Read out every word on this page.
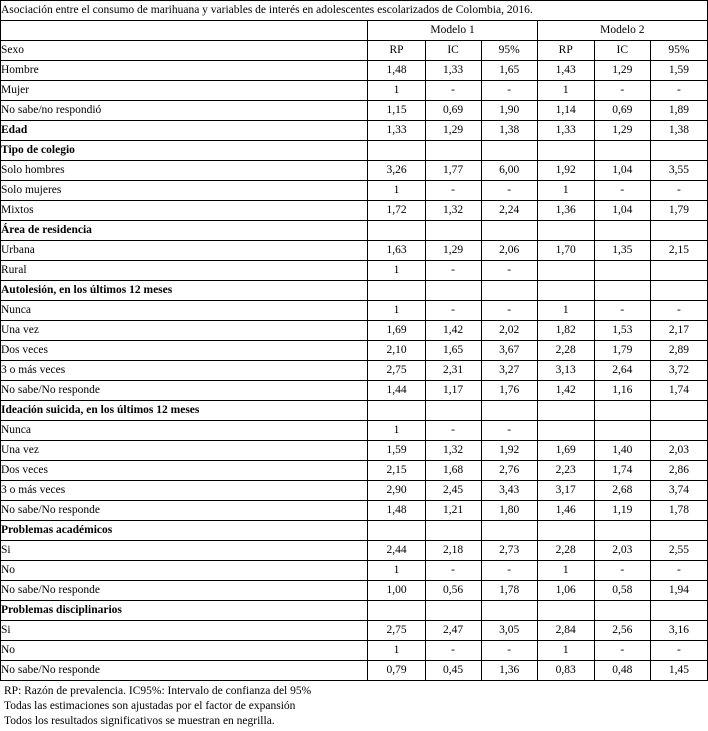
Asociación entre el consumo de marihuana y variables de interés en adolescentes escolarizados de Colombia, 2016.						
	Modelo 1			Modelo 2		
Sexo	RP	IC	95%	RP	IC	95%
Hombre	1,48	1,33	1,65	1,43	1,29	1,59
Mujer	1	-	-	1	-	-
No sabe/no respondió	1,15	0,69	1,90	1,14	0,69	1,89
Edad	1,33	1,29	1,38	1,33	1,29	1,38
Tipo de colegio						
Solo hombres	3,26	1,77	6,00	1,92	1,04	3,55
Solo mujeres	1	-	-	1	-	-
Mixtos	1,72	1,32	2,24	1,36	1,04	1,79
Área de residencia						
Urbana	1,63	1,29	2,06	1,70	1,35	2,15
Rural	1	-	-			
Autolesión, en los últimos 12 meses						
Nunca	1	-	-	1	-	-
Una vez	1,69	1,42	2,02	1,82	1,53	2,17
Dos veces	2,10	1,65	3,67	2,28	1,79	2,89
3 o más veces	2,75	2,31	3,27	3,13	2,64	3,72
No sabe/No responde	1,44	1,17	1,76	1,42	1,16	1,74
Ideación suicida, en los últimos 12 meses						
Nunca	1	-	-			
Una vez	1,59	1,32	1,92	1,69	1,40	2,03
Dos veces	2,15	1,68	2,76	2,23	1,74	2,86
3 o más veces	2,90	2,45	3,43	3,17	2,68	3,74
No sabe/No responde	1,48	1,21	1,80	1,46	1,19	1,78
Problemas académicos						
Si	2,44	2,18	2,73	2,28	2,03	2,55
No	1	-	-	1	-	-
No sabe/No responde	1,00	0,56	1,78	1,06	0,58	1,94
Problemas disciplinarios						
Si	2,75	2,47	3,05	2,84	2,56	3,16
No	1	-	-	1	-	-
No sabe/No responde	0,79	0,45	1,36	0,83	0,48	1,45
RP: Razón de prevalencia. IC95%: Intervalo de confianza del 95%
Todas las estimaciones son ajustadas por el factor de expansión
Todos los resultados significativos se muestran en negrilla.
